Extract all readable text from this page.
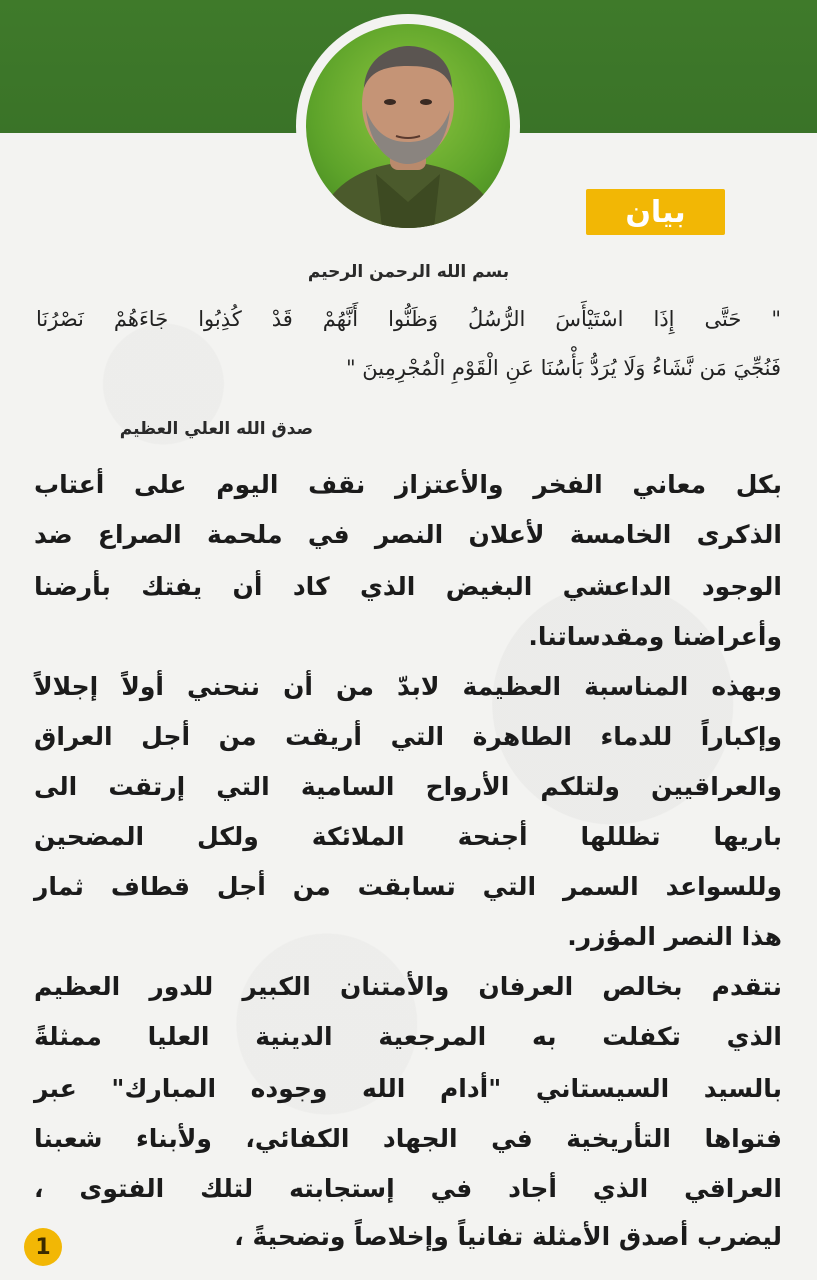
بيان
بسم الله الرحمن الرحيم
" حَتَّى إِذَا اسْتَيْأَسَ الرُّسُلُ وَظَنُّوا أَنَّهُمْ قَدْ كُذِبُوا جَاءَهُمْ نَصْرُنَا
فَنُجِّيَ مَن نَّشَاءُ وَلَا يُرَدُّ بَأْسُنَا عَنِ الْقَوْمِ الْمُجْرِمِينَ "
صدق الله العلي العظيم
بكل معاني الفخر والأعتزاز نقف اليوم على أعتاب
الذكرى الخامسة لأعلان النصر في ملحمة الصراع ضد
الوجود الداعشي البغيض الذي كاد أن يفتك بأرضنا
وأعراضنا ومقدساتنا.
وبهذه المناسبة العظيمة لابدّ من أن ننحني أولاً إجلالاً
وإكباراً للدماء الطاهرة التي أريقت من أجل العراق
والعراقيين ولتلكم الأرواح السامية التي إرتقت الى
باريها تظللها أجنحة الملائكة ولكل المضحين
وللسواعد السمر التي تسابقت من أجل قطاف ثمار
هذا النصر المؤزر.
نتقدم بخالص العرفان والأمتنان الكبير للدور العظيم
الذي تكفلت به المرجعية الدينية العليا ممثلةً
بالسيد السيستاني "أدام الله وجوده المبارك" عبر
فتواها التأريخية في الجهاد الكفائي، ولأبناء شعبنا
العراقي الذي أجاد في إستجابته لتلك الفتوى ،
ليضرب أصدق الأمثلة تفانياً وإخلاصاً وتضحيةً ،
1
